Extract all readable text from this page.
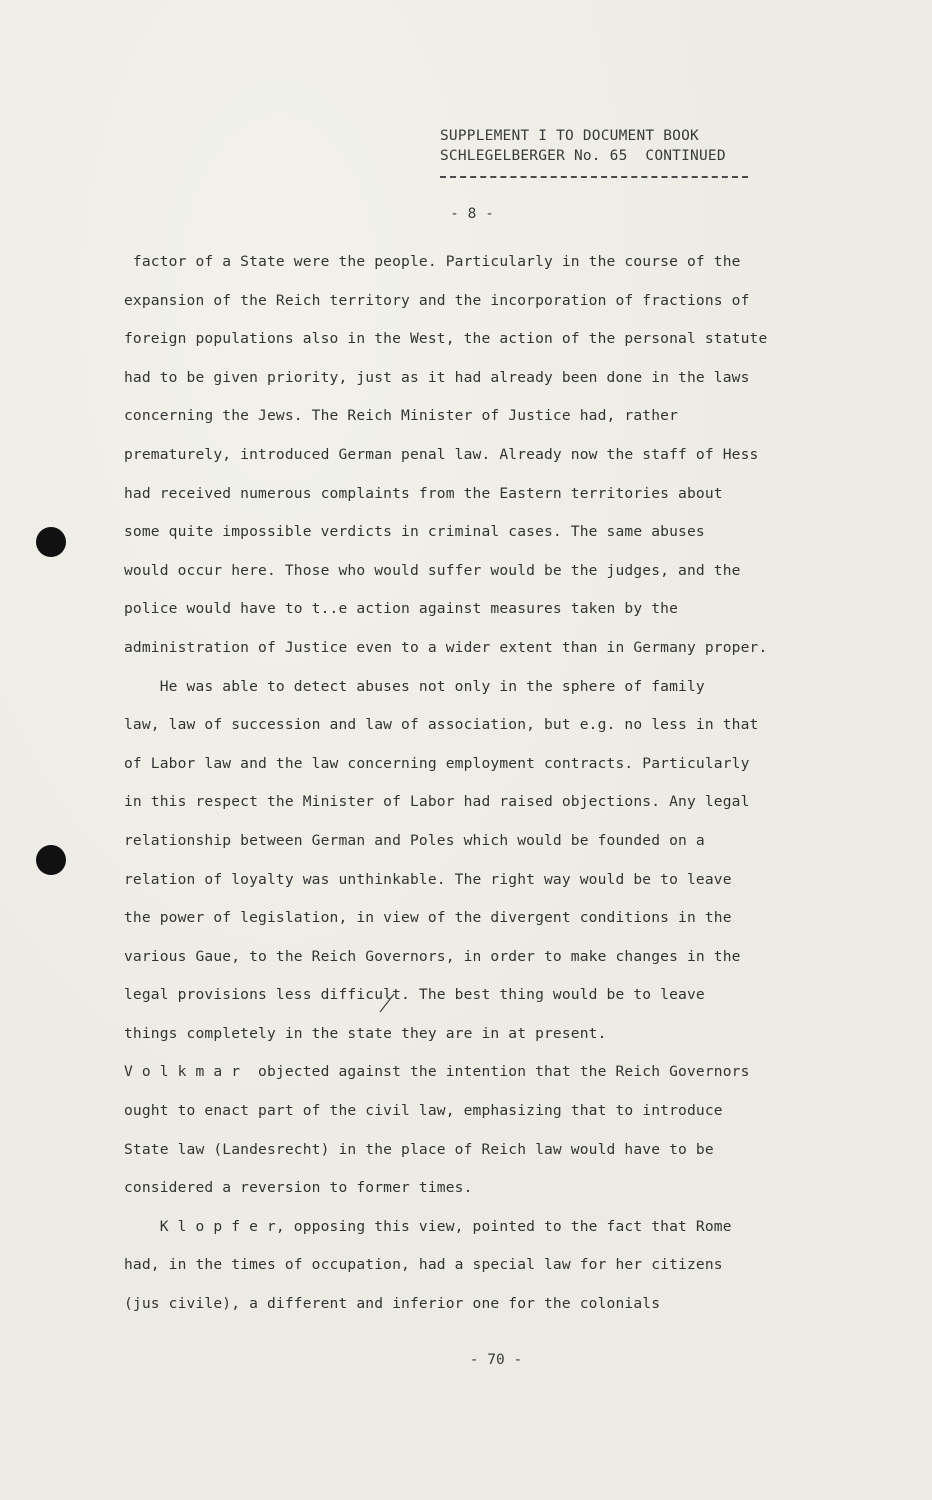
SUPPLEMENT I TO DOCUMENT BOOK
SCHLEGELBERGER No. 65  CONTINUED
- 8 -
factor of a State were the people. Particularly in the course of the
expansion of the Reich territory and the incorporation of fractions of
foreign populations also in the West, the action of the personal statute
had to be given priority, just as it had already been done in the laws
concerning the Jews. The Reich Minister of Justice had, rather
prematurely, introduced German penal law. Already now the staff of Hess
had received numerous complaints from the Eastern territories about
some quite impossible verdicts in criminal cases. The same abuses
would occur here. Those who would suffer would be the judges, and the
police would have to t..e action against measures taken by the
administration of Justice even to a wider extent than in Germany proper.
He was able to detect abuses not only in the sphere of family
law, law of succession and law of association, but e.g. no less in that
of Labor law and the law concerning employment contracts. Particularly
in this respect the Minister of Labor had raised objections. Any legal
relationship between German and Poles which would be founded on a
relation of loyalty was unthinkable. The right way would be to leave
the power of legislation, in view of the divergent conditions in the
various Gaue, to the Reich Governors, in order to make changes in the
legal provisions less difficult. The best thing would be to leave
things completely in the state they are in at present.
V o l k m a r  objected against the intention that the Reich Governors
ought to enact part of the civil law, emphasizing that to introduce
State law (Landesrecht) in the place of Reich law would have to be
considered a reversion to former times.
K l o p f e r, opposing this view, pointed to the fact that Rome
had, in the times of occupation, had a special law for her citizens
(jus civile), a different and inferior one for the colonials
- 70 -
